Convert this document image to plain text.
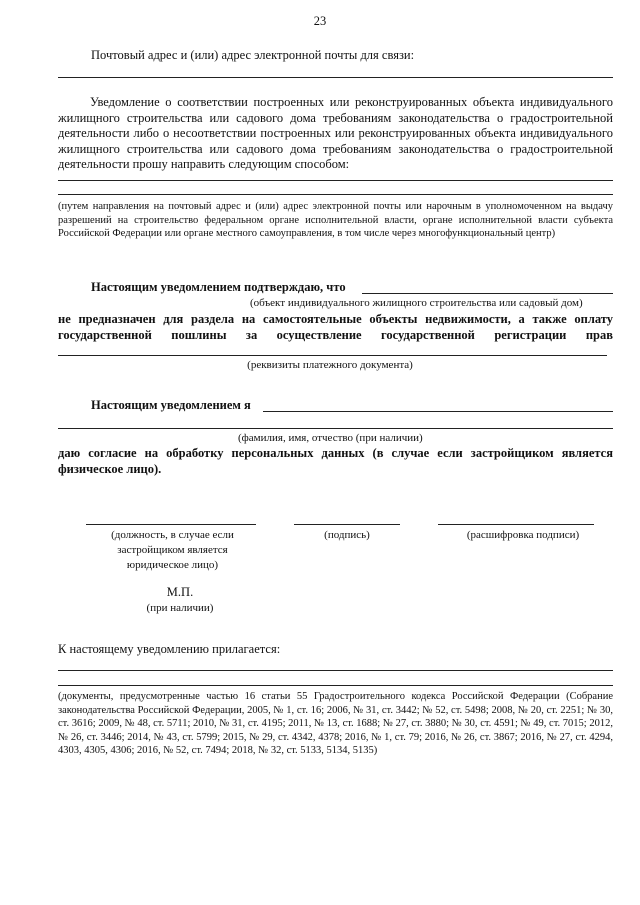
23
Почтовый адрес и (или) адрес электронной почты для связи:
Уведомление о соответствии построенных или реконструированных объекта индивидуального жилищного строительства или садового дома требованиям законодательства о градостроительной деятельности либо о несоответствии построенных или реконструированных объекта индивидуального жилищного строительства или садового дома требованиям законодательства о градостроительной деятельности прошу направить следующим способом:
(путем направления на почтовый адрес и (или) адрес электронной почты или нарочным в уполномоченном на выдачу разрешений на строительство федеральном органе исполнительной власти, органе исполнительной власти субъекта Российской Федерации или органе местного самоуправления, в том числе через многофункциональный центр)
Настоящим уведомлением подтверждаю, что
(объект индивидуального жилищного строительства или садовый дом)
не предназначен для раздела на самостоятельные объекты недвижимости, а также оплату государственной пошлины за осуществление государственной регистрации прав
(реквизиты платежного документа)
Настоящим уведомлением я
(фамилия, имя, отчество (при наличии)
даю согласие на обработку персональных данных (в случае если застройщиком является физическое лицо).
(должность, в случае если застройщиком является юридическое лицо)
(подпись)	(расшифровка подписи)
М.П.
(при наличии)
К настоящему уведомлению прилагается:
(документы, предусмотренные частью 16 статьи 55 Градостроительного кодекса Российской Федерации (Собрание законодательства Российской Федерации, 2005, № 1, ст. 16; 2006, № 31, ст. 3442; № 52, ст. 5498; 2008, № 20, ст. 2251; № 30, ст. 3616; 2009, № 48, ст. 5711; 2010, № 31, ст. 4195; 2011, № 13, ст. 1688; № 27, ст. 3880; № 30, ст. 4591; № 49, ст. 7015; 2012, № 26, ст. 3446; 2014, № 43, ст. 5799; 2015, № 29, ст. 4342, 4378; 2016, № 1, ст. 79; 2016, № 26, ст. 3867; 2016, № 27, ст. 4294, 4303, 4305, 4306; 2016, № 52, ст. 7494; 2018, № 32, ст. 5133, 5134, 5135)
